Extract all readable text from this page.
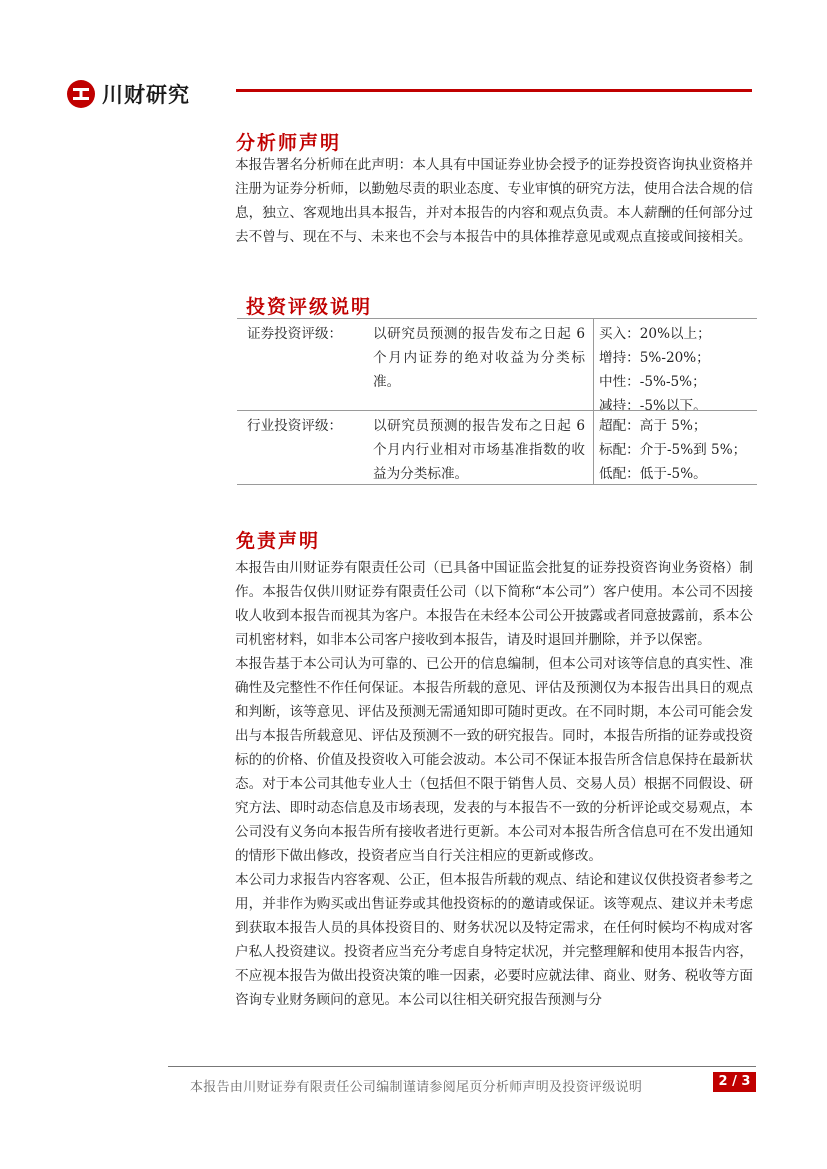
川财研究
分析师声明

本报告署名分析师在此声明：本人具有中国证券业协会授予的证券投资咨询执业资格并注册为证券分析师，以勤勉尽责的职业态度、专业审慎的研究方法，使用合法合规的信息，独立、客观地出具本报告，并对本报告的内容和观点负责。本人薪酬的任何部分过去不曾与、现在不与、未来也不会与本报告中的具体推荐意见或观点直接或间接相关。

投资评级说明
证券投资评级： 以研究员预测的报告发布之日起 6 个月内证券的绝对收益为分类标准。
买入：20%以上；
增持：5%-20%；
中性：-5%-5%；
减持：-5%以下。
行业投资评级： 以研究员预测的报告发布之日起 6 个月内行业相对市场基准指数的收益为分类标准。
超配：高于 5%；
标配：介于-5%到 5%；
低配：低于-5%。
免责声明

本报告由川财证券有限责任公司（已具备中国证监会批复的证券投资咨询业务资格）制作。本报告仅供川财证券有限责任公司（以下简称“本公司”）客户使用。本公司不因接收人收到本报告而视其为客户。本报告在未经本公司公开披露或者同意披露前，系本公司机密材料，如非本公司客户接收到本报告，请及时退回并删除，并予以保密。

本报告基于本公司认为可靠的、已公开的信息编制，但本公司对该等信息的真实性、准确性及完整性不作任何保证。本报告所载的意见、评估及预测仅为本报告出具日的观点和判断，该等意见、评估及预测无需通知即可随时更改。在不同时期，本公司可能会发出与本报告所载意见、评估及预测不一致的研究报告。同时，本报告所指的证券或投资标的的价格、价值及投资收入可能会波动。本公司不保证本报告所含信息保持在最新状态。对于本公司其他专业人士（包括但不限于销售人员、交易人员）根据不同假设、研究方法、即时动态信息及市场表现，发表的与本报告不一致的分析评论或交易观点，本公司没有义务向本报告所有接收者进行更新。本公司对本报告所含信息可在不发出通知的情形下做出修改，投资者应当自行关注相应的更新或修改。

本公司力求报告内容客观、公正，但本报告所载的观点、结论和建议仅供投资者参考之用，并非作为购买或出售证券或其他投资标的的邀请或保证。该等观点、建议并未考虑到获取本报告人员的具体投资目的、财务状况以及特定需求，在任何时候均不构成对客户私人投资建议。投资者应当充分考虑自身特定状况，并完整理解和使用本报告内容，不应视本报告为做出投资决策的唯一因素，必要时应就法律、商业、财务、税收等方面咨询专业财务顾问的意见。本公司以往相关研究报告预测与分

本报告由川财证券有限责任公司编制谨请参阅尾页分析师声明及投资评级说明	2 / 3
